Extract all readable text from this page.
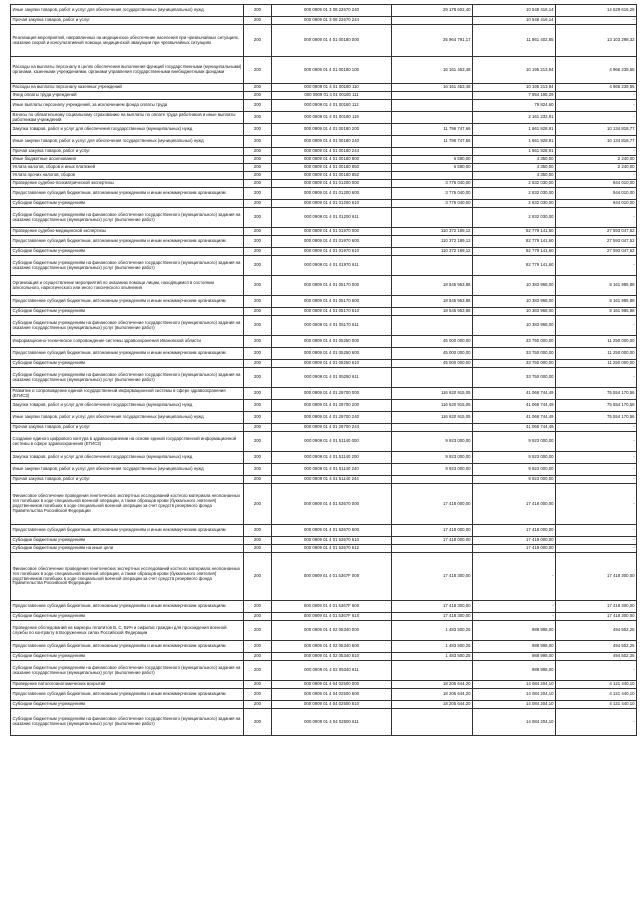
Иные закупки товаров, работ и услуг для обеспечения государственных (муниципальных) нужд	200	000 0909 01 3 08 22670 240	29 178 602,40	10 548 416,14	14 629 616,26
Прочая закупка товаров, работ и услуг	200	000 0909 01 3 08 22670 244		10 548 416,14	-
Реализация мероприятий, направленных на медицинское обеспечение населения при чрезвычайных ситуациях, оказание скорой и консультативной помощи, медицинской эвакуации при чрезвычайных ситуациях	200	000 0909 01 4 01 00180 000	25 964 791,17	11 861 402,85	13 103 298,32
Расходы на выплаты персоналу в целях обеспечения выполнения функций государственными (муниципальными) органами, казенными учреждениями, органами управления государственными внебюджетными фондами	200	000 0909 01 4 01 00180 100	16 161 453,48	10 195 213,94	4 966 239,55
Расходы на выплаты персоналу казенных учреждений	200	000 0909 01 4 01 00180 110	16 161 453,48	10 195 213,94	4 966 239,55
Фонд оплаты труда учреждений	200	000 0909 01 4 01 00180 111		7 954 195,29	-
Иные выплаты персоналу учреждений, за исключением фонда оплаты труда	200	000 0909 01 4 01 00180 112		79 824,60	-
Взносы по обязательному социальному страхованию на выплаты по оплате труда работников и иные выплаты работникам учреждений	200	000 0909 01 4 01 00180 119		2 161 232,91	-
Закупка товаров, работ и услуг для обеспечения государственных (муниципальных) нужд	200	000 0909 01 4 01 00180 200	11 796 747,66	1 661 928,91	10 134 818,77
Иные закупки товаров, работ и услуг для обеспечения государственных (муниципальных) нужд	200	000 0909 01 4 01 00180 240	11 796 747,66	1 661 928,91	10 134 818,77
Прочая закупка товаров, работ и услуг	200	000 0909 01 4 01 00180 244		1 661 928,91	-
Иные бюджетные ассигнования	200	000 0909 01 4 01 00180 800	6 590,00	4 350,00	2 240,00
Уплата налогов, сборов и иных платежей	200	000 0909 01 4 01 00180 850	6 590,00	4 350,00	2 240,00
Уплата прочих налогов, сборов	200	000 0909 01 4 01 00180 852		4 350,00	-
Проведение судебно-психиатрической экспертизы	200	000 0909 01 4 01 01200 000	3 776 040,00	2 832 030,00	944 010,00
Предоставление субсидий бюджетным, автономным учреждениям и иным некоммерческим организациям	200	000 0909 01 4 01 01200 600	3 776 040,00	2 832 030,00	944 010,00
Субсидии бюджетным учреждениям	200	000 0909 01 4 01 01200 610	3 776 040,00	2 832 030,00	944 010,00
Субсидии бюджетным учреждениям на финансовое обеспечение государственного (муниципального) задания на оказание государственных (муниципальных) услуг (выполнение работ)	200	000 0909 01 4 01 01200 611		2 832 030,00	-
Проведение судебно-медицинской экспертизы	200	000 0909 01 4 01 01970 000	110 372 189,12	82 779 141,60	27 593 047,52
Предоставление субсидий бюджетным, автономным учреждениям и иным некоммерческим организациям	200	000 0909 01 4 01 01970 600	110 372 189,12	82 779 141,60	27 593 047,52
Субсидии бюджетным учреждениям	200	000 0909 01 4 01 01970 610	110 372 189,12	82 779 141,60	27 593 047,52
Субсидии бюджетным учреждениям на финансовое обеспечение государственного (муниципального) задания на оказание государственных (муниципальных) услуг (выполнение работ)	200	000 0909 01 4 01 01970 611		82 779 141,60	-
Организация и осуществление мероприятий по оказанию помощи лицам, находящимся в состоянии алкогольного, наркотического или иного токсического опьянения	200	000 0909 01 4 01 05170 000	18 545 953,88	10 383 968,00	8 161 985,88
Предоставление субсидий бюджетным, автономным учреждениям и иным некоммерческим организациям	200	000 0909 01 4 01 05170 600	18 545 953,88	10 383 968,00	8 161 985,88
Субсидии бюджетным учреждениям	200	000 0909 01 4 01 05170 610	18 545 953,88	10 383 968,00	8 161 985,88
Субсидии бюджетным учреждениям на финансовое обеспечение государственного (муниципального) задания на оказание государственных (муниципальных) услуг (выполнение работ)	200	000 0909 01 4 01 05170 611		10 383 968,00	-
Информационно-техническое сопровождение системы здравоохранения Ивановской области	200	000 0909 01 4 01 05250 000	45 000 000,00	33 750 000,00	11 250 000,00
Предоставление субсидий бюджетным, автономным учреждениям и иным некоммерческим организациям	200	000 0909 01 4 01 05250 600	45 000 000,00	33 750 000,00	11 250 000,00
Субсидии бюджетным учреждениям	200	000 0909 01 4 01 05250 610	45 000 000,00	33 750 000,00	11 250 000,00
Субсидии бюджетным учреждениям на финансовое обеспечение государственного (муниципального) задания на оказание государственных (муниципальных) услуг (выполнение работ)	200	000 0909 01 4 01 05250 611		33 750 000,00	-
Развитие и сопровождение единой государственной информационной системы в сфере здравоохранения (ЕГИСЗ)	200	000 0909 01 4 01 29700 000	116 620 915,05	41 066 744,49	75 554 170,56
Закупка товаров, работ и услуг для обеспечения государственных (муниципальных) нужд	200	000 0909 01 4 01 29700 200	116 620 915,05	41 066 744,49	75 554 170,56
Иные закупки товаров, работ и услуг для обеспечения государственных (муниципальных) нужд	200	000 0909 01 4 01 29700 240	116 620 915,05	41 066 744,49	75 554 170,56
Прочая закупка товаров, работ и услуг	200	000 0909 01 4 01 29700 244		41 066 744,49	-
Создание единого цифрового контура в здравоохранении на основе единой государственной информационной системы в сфере здравоохранения (ЕГИСЗ)	200	000 0909 01 4 01 51140 000	9 923 000,00	9 923 000,00	-
Закупка товаров, работ и услуг для обеспечения государственных (муниципальных) нужд	200	000 0909 01 4 01 51140 200	9 923 000,00	9 923 000,00	-
Иные закупки товаров, работ и услуг для обеспечения государственных (муниципальных) нужд	200	000 0909 01 4 01 51140 240	9 923 000,00	9 923 000,00	-
Прочая закупка товаров, работ и услуг	200	000 0909 01 4 01 51140 244		9 923 000,00	-
Финансовое обеспечение проведения генетических экспертных исследований костного материала неопознанных тел погибших в ходе специальной военной операции, а также образцов крови (буккального эпителия) родственников погибших в ходе специальной военной операции за счет средств резервного фонда Правительства Российской Федерации	200	000 0909 01 4 01 53670 000	17 418 000,00	17 418 000,00	-
Предоставление субсидий бюджетным, автономным учреждениям и иным некоммерческим организациям	200	000 0909 01 4 01 53670 600	17 418 000,00	17 418 000,00	-
Субсидии бюджетным учреждениям	200	000 0909 01 4 01 53670 610	17 418 000,00	17 418 000,00	-
Субсидии бюджетным учреждениям на иные цели	200	000 0909 01 4 01 53670 612		17 418 000,00	-
Финансовое обеспечение проведения генетических экспертных исследований костного материала неопознанных тел погибших в ходе специальной военной операции, а также образцов крови (буккального эпителия) родственников погибших в ходе специальной военной операции за счет средств резервного фонда Правительства Российской Федерации	200	000 0909 01 4 01 5367F 000	17 418 300,00	-	17 418 300,00
Предоставление субсидий бюджетным, автономным учреждениям и иным некоммерческим организациям	200	000 0909 01 4 01 5367F 600	17 418 300,00	-	17 418 300,00
Субсидии бюджетным учреждениям	200	000 0909 01 4 01 5367F 610	17 418 300,00	-	17 418 300,00
Проведение обследований на маркеры гепатитов В, С, ВИЧ и сифилис граждан для прохождения военной службы по контракту в Вооруженных силах Российской Федерации	200	000 0909 01 4 02 05340 000	1 483 500,25	988 998,00	494 502,25
Предоставление субсидий бюджетным, автономным учреждениям и иным некоммерческим организациям	200	000 0909 01 4 02 05340 600	1 483 500,25	988 998,00	494 502,25
Субсидии бюджетным учреждениям	200	000 0909 01 4 02 05340 610	1 483 500,25	988 998,00	494 502,25
Субсидии бюджетным учреждениям на финансовое обеспечение государственного (муниципального) задания на оказание государственных (муниципальных) услуг (выполнение работ)	200	000 0909 01 4 02 05340 611		988 998,00	-
Проведение патологоанатомических вскрытий	200	000 0909 01 4 04 02500 000	18 205 644,20	14 084 204,10	4 121 440,10
Предоставление субсидий бюджетным, автономным учреждениям и иным некоммерческим организациям	200	000 0909 01 4 04 02500 600	18 205 644,20	14 084 204,10	4 121 440,10
Субсидии бюджетным учреждениям	200	000 0909 01 4 04 02500 610	18 205 644,20	14 084 204,10	4 121 440,10
Субсидии бюджетным учреждениям на финансовое обеспечение государственного (муниципального) задания на оказание государственных (муниципальных) услуг (выполнение работ)	200	000 0909 01 4 04 02500 611		14 084 204,10	-
